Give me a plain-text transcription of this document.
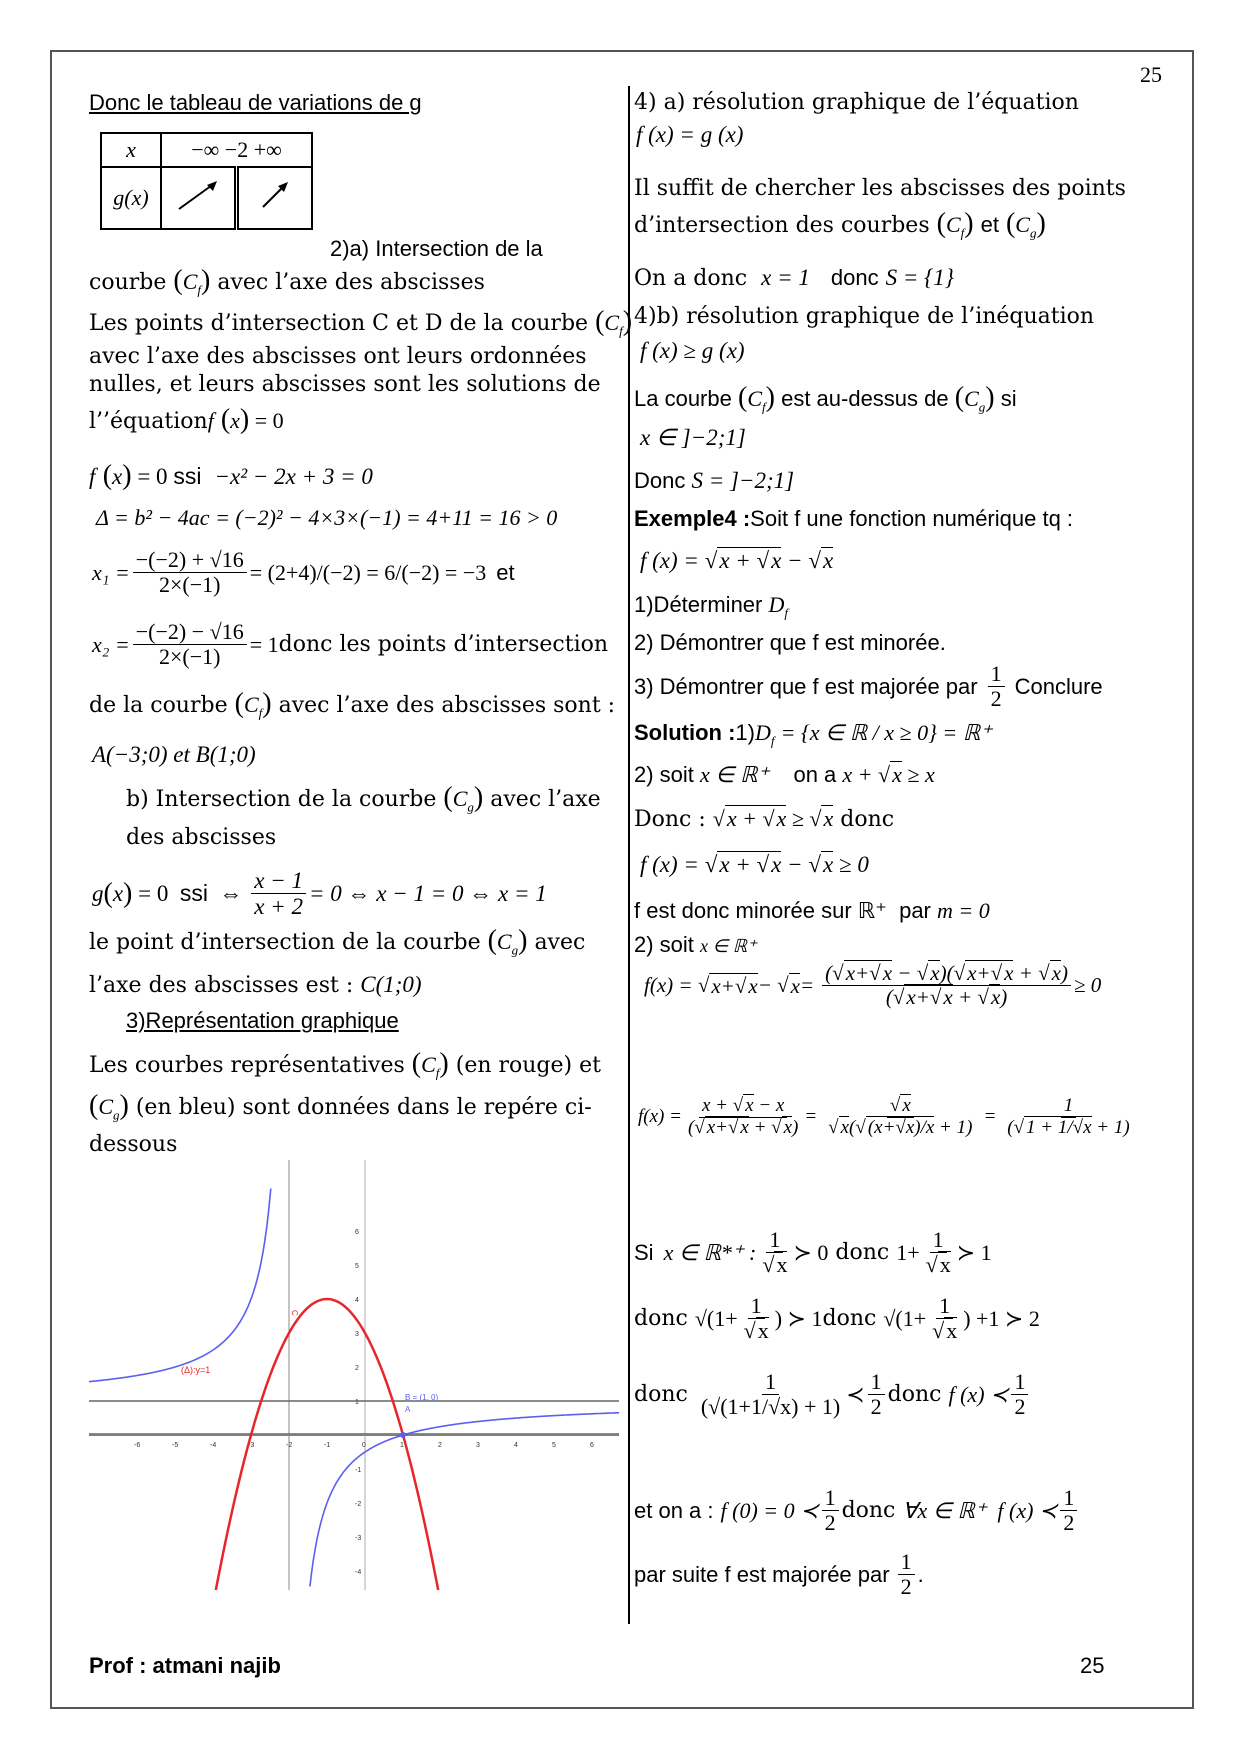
25
Donc le tableau de variations de g
x	−∞ −2 +∞	
g(x)		
2)a) Intersection de la
courbe $(C_f)$ avec l’axe des abscisses
Les points d’intersection C et D de la courbe $(C_f)$
avec l’axe des abscisses ont leurs ordonnées
nulles, et leurs abscisses sont les solutions de
l’’équationf (x) = 0
f (x) = 0 ssi  −x² − 2x + 3 = 0
Δ = b² − 4ac = (−2)² − 4×3×(−1) = 4+11 = 16 > 0
$x_1 = \frac{-(-2) + √16}{2\times(-1)} = (2+4)/(-2) = 6/(-2) = -3$ et
$x_2 = \frac{-(-2) - √16}{2\times(-1)} = 1$ donc les points d’intersection
de la courbe $(C_f)$ avec l’axe des abscisses sont :
A(−3;0) et B(1;0)
b) Intersection de la courbe $(C_g)$ avec l’axe
des abscisses
g ( x ) = 0 ssi ⇔ $\frac{x - 1}{x + 2} = 0$ ⇔ x − 1 = 0 ⇔ x = 1
le point d’intersection de la courbe $(C_g)$ avec
l’axe des abscisses est : C(1;0)
3)Représentation graphique
Les courbes représentatives $(C_f)$ (en rouge) et
$(C_g)$ (en bleu) sont données dans le repére ci-
dessous
-6	-5	-4	-3	-2	-1	0	1	2	3	4	5	6
6
5
4
3
2
1
-1
-2
-3
-4
(Δ):y=1
B = (1, 0)
A
C
4) a) résolution graphique de l’équation
f (x) = g (x)
Il suffit de chercher les abscisses des points
d’intersection des courbes $(C_f)$ et $(C_g)$
On a donc x = 1 donc S = {1}
4)b) résolution graphique de l’inéquation
f (x) ≥ g (x)
La courbe $(C_f)$ est au-dessus de $(C_g)$ si
x ∈ ]−2;1]
Donc S = ]−2;1]
Exemple4 :Soit f une fonction numérique tq :
f (x) = √x + √x − √x
1)Déterminer $D_f$
2) Démontrer que f est minorée.
3) Démontrer que f est majorée par $\frac{1}{2}$ Conclure
Solution $:1)D_f = \{x$ ∈ ℝ / x ≥ 0} = ℝ⁺
2) soit x ∈ ℝ⁺ on a x + √x ≥ x
Donc : √x + √x ≥ √x donc
f (x) = √x + √x − √x ≥ 0
f est donc minorée sur ℝ⁺ par m = 0
2) soit x ∈ ℝ⁺
f(x) = √ x+√x − √ $x = \frac{(√x+√x - √x)(√x+√x + √x)}{(√x+√x + √x)} \ge 0$
$f(x) = \frac{x + √ x - x}{(√ x+√ x + √ x)} = \frac{√ x}{√ x(√ (x+√x)/x + 1)} = \frac{1}{(√ 1 + 1/√x + 1)}$
Si x ∈ ℝ*⁺ : $\frac{1}{√x}$ ≻ 0
donc
$1+ \frac{1}{√x}$ ≻ 1
donc
$√(1+ \frac{1}{√x}$ ) ≻ 1 donc
$√(1+ \frac{1}{√x}$ ) +1 ≻ 2
donc
$\frac{1}{(√(1+1/√x) + 1)}$ ≺ $\frac{1}{2}$ donc
f (x) ≺ $\frac{1}{2}$
et on a :
f (0) = 0 ≺ $\frac{1}{2}$ donc
∀x ∈ ℝ⁺  f (x) ≺ $\frac{1}{2}$
par suite f est majorée par $\frac{1}{2}$ .
Prof : atmani najib	25
